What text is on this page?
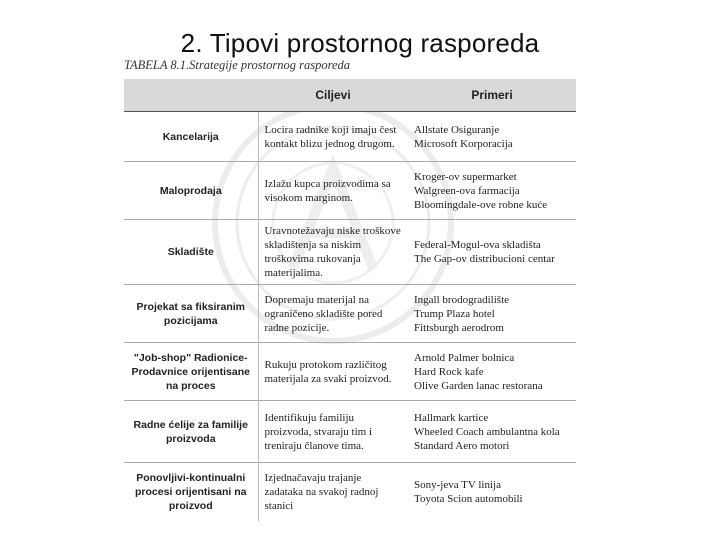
2. Tipovi prostornog rasporeda
TABELA 8.1.Strategije prostornog rasporeda
	Ciljevi	Primeri
Kancelarija	Locira radnike koji imaju čest kontakt blizu jednog drugom.	Allstate Osiguranje
Microsoft Korporacija

Maloprodaja	Izlažu kupca proizvodima sa visokom marginom.	Kroger-ov supermarket
Walgreen-ova farmacija
Bloomingdale-ove robne kuće

Skladište	Uravnotežavaju niske troškove skladištenja sa niskim troškovima rukovanja materijalima.	Federal-Mogul-ova skladišta
The Gap-ov distribucioni centar

Projekat sa fiksiranim pozicijama	Dopremaju materijal na ograničeno skladište pored radne pozicije.	Ingall brodogradilište
Trump Plaza hotel
Fittsburgh aerodrom

"Job-shop" Radionice-Prodavnice orijentisane na proces	Rukuju protokom različitog materijala za svaki proizvod.	Arnold Palmer bolnica
Hard Rock kafe
Olive Garden lanac restorana

Radne ćelije za familije proizvoda	Identifikuju familiju proizvoda, stvaraju tim i treniraju članove tima.	Hallmark kartice
Wheeled Coach ambulantna kola
Standard Aero motori

Ponovljivi-kontinualni procesi orijentisani na proizvod	Izjednačavaju trajanje zadataka na svakoj radnoj stanici	Sony-jeva TV linija
Toyota Scion automobili
